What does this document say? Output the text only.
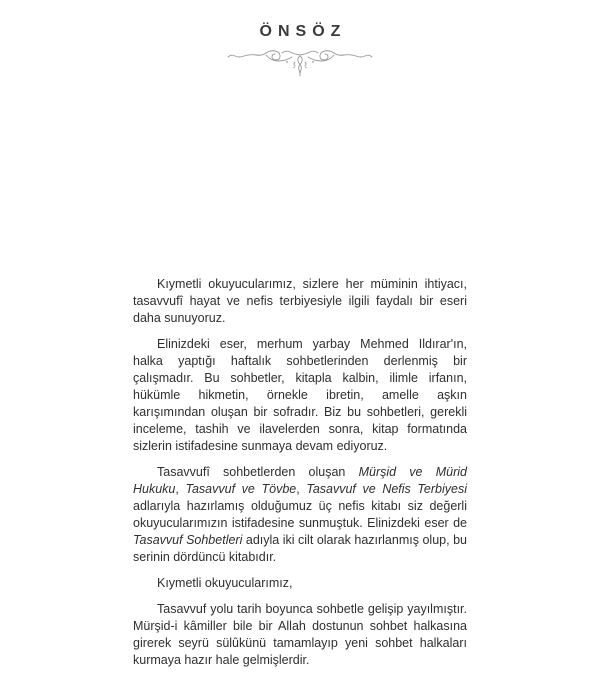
ÖNSÖZ

Kıymetli okuyucularımız, sizlere her müminin ihtiyacı, tasavvufî hayat ve nefis terbiyesiyle ilgili faydalı bir eseri daha sunuyoruz.

Elinizdeki eser, merhum yarbay Mehmed Ildırar'ın, halka yaptığı haftalık sohbetlerinden derlenmiş bir çalışmadır. Bu sohbetler, kitapla kalbin, ilimle irfanın, hükümle hikmetin, örnekle ibretin, amelle aşkın karışımından oluşan bir sofradır. Biz bu sohbetleri, gerekli inceleme, tashih ve ilavelerden sonra, kitap formatında sizlerin istifadesine sunmaya devam ediyoruz.

Tasavvufî sohbetlerden oluşan Mürşid ve Mürid Hukuku, Tasavvuf ve Tövbe, Tasavvuf ve Nefis Terbiyesi adlarıyla hazırlamış olduğumuz üç nefis kitabı siz değerli okuyucularımızın istifadesine sunmuştuk. Elinizdeki eser de Tasavvuf Sohbetleri adıyla iki cilt olarak hazırlanmış olup, bu serinin dördüncü kitabıdır.

Kıymetli okuyucularımız,

Tasavvuf yolu tarih boyunca sohbetle gelişip yayılmıştır. Mürşid-i kâmiller bile bir Allah dostunun sohbet halkasına girerek seyrü sülûkünü tamamlayıp yeni sohbet halkaları kurmaya hazır hale gelmişlerdir.
